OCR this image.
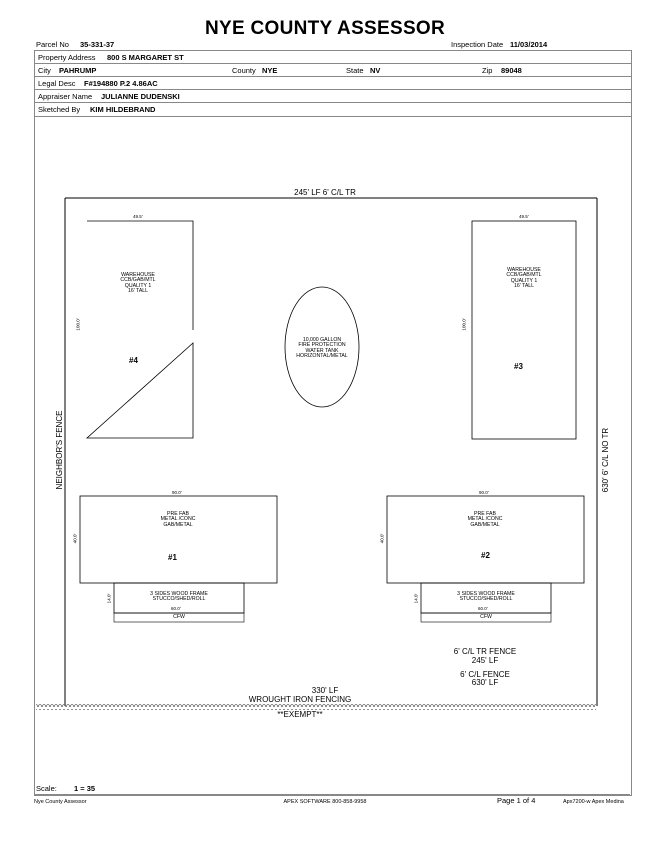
NYE COUNTY ASSESSOR
Parcel No 35-331-37	Inspection Date 11/03/2014
Property Address 800 S MARGARET ST
City PAHRUMP	County NYE	State NV	Zip 89048
Legal Desc F#194880 P.2 4.86AC
Appraiser Name JULIANNE DUDENSKI
Sketched By KIM HILDEBRAND
245' LF 6' C/L TR
NEIGHBOR'S FENCE	630' 6' C/L NO TR
330' LF
WROUGHT IRON FENCING
**EXEMPT**
49.5'
100.0'
WAREHOUSE
CCB/GAB/MTL
QUALITY 1
16' TALL
#4
49.5'
100.0'
WAREHOUSE
CCB/GAB/MTL
QUALITY 1
16' TALL
#3
10,000 GALLON
FIRE PROTECTION
WATER TANK
HORIZONTAL/METAL
90.0'
40.0'
PRE FAB
METAL /CONC
GAB/METAL
#1
90.0'
40.0'
PRE FAB
METAL /CONC
GAB/METAL
#2
3 SIDES WOOD FRAME
STUCCO/SHED/ROLL
14.0'
60.0'
CFW
3 SIDES WOOD FRAME
STUCCO/SHED/ROLL
14.0'
60.0'
CFW
6' C/L TR FENCE
245' LF
6' C/L FENCE
630' LF
Scale: 1 = 35
Nye County Assessor	APEX SOFTWARE 800-858-9958	Page 1 of 4	Apx7200-w Apex Medina
